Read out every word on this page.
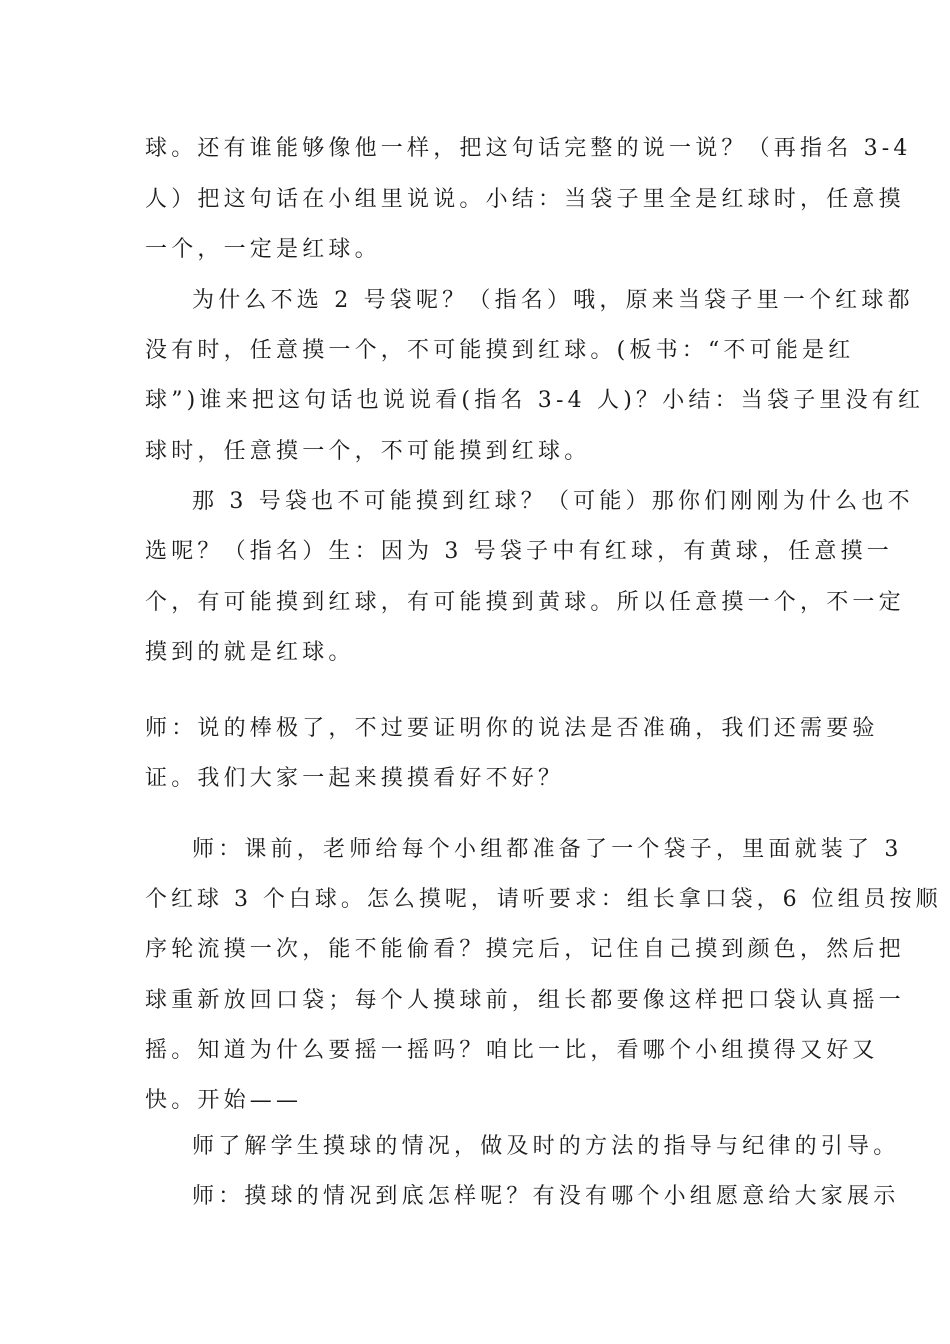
球。还有谁能够像他一样，把这句话完整的说一说？（再指名 3-4
人）把这句话在小组里说说。小结：当袋子里全是红球时，任意摸
一个，一定是红球。
为什么不选 2 号袋呢？（指名）哦，原来当袋子里一个红球都
没有时，任意摸一个，不可能摸到红球。(板书：“不可能是红
球”)谁来把这句话也说说看(指名 3-4 人)？小结：当袋子里没有红
球时，任意摸一个，不可能摸到红球。
那 3 号袋也不可能摸到红球？（可能）那你们刚刚为什么也不
选呢？（指名）生：因为 3 号袋子中有红球，有黄球，任意摸一
个，有可能摸到红球，有可能摸到黄球。所以任意摸一个，不一定
摸到的就是红球。
师：说的棒极了，不过要证明你的说法是否准确，我们还需要验
证。我们大家一起来摸摸看好不好？
师：课前，老师给每个小组都准备了一个袋子，里面就装了 3
个红球 3 个白球。怎么摸呢，请听要求：组长拿口袋，6 位组员按顺
序轮流摸一次，能不能偷看？摸完后，记住自己摸到颜色，然后把
球重新放回口袋；每个人摸球前，组长都要像这样把口袋认真摇一
摇。知道为什么要摇一摇吗？咱比一比，看哪个小组摸得又好又
快。开始——
师了解学生摸球的情况，做及时的方法的指导与纪律的引导。
师：摸球的情况到底怎样呢？有没有哪个小组愿意给大家展示
